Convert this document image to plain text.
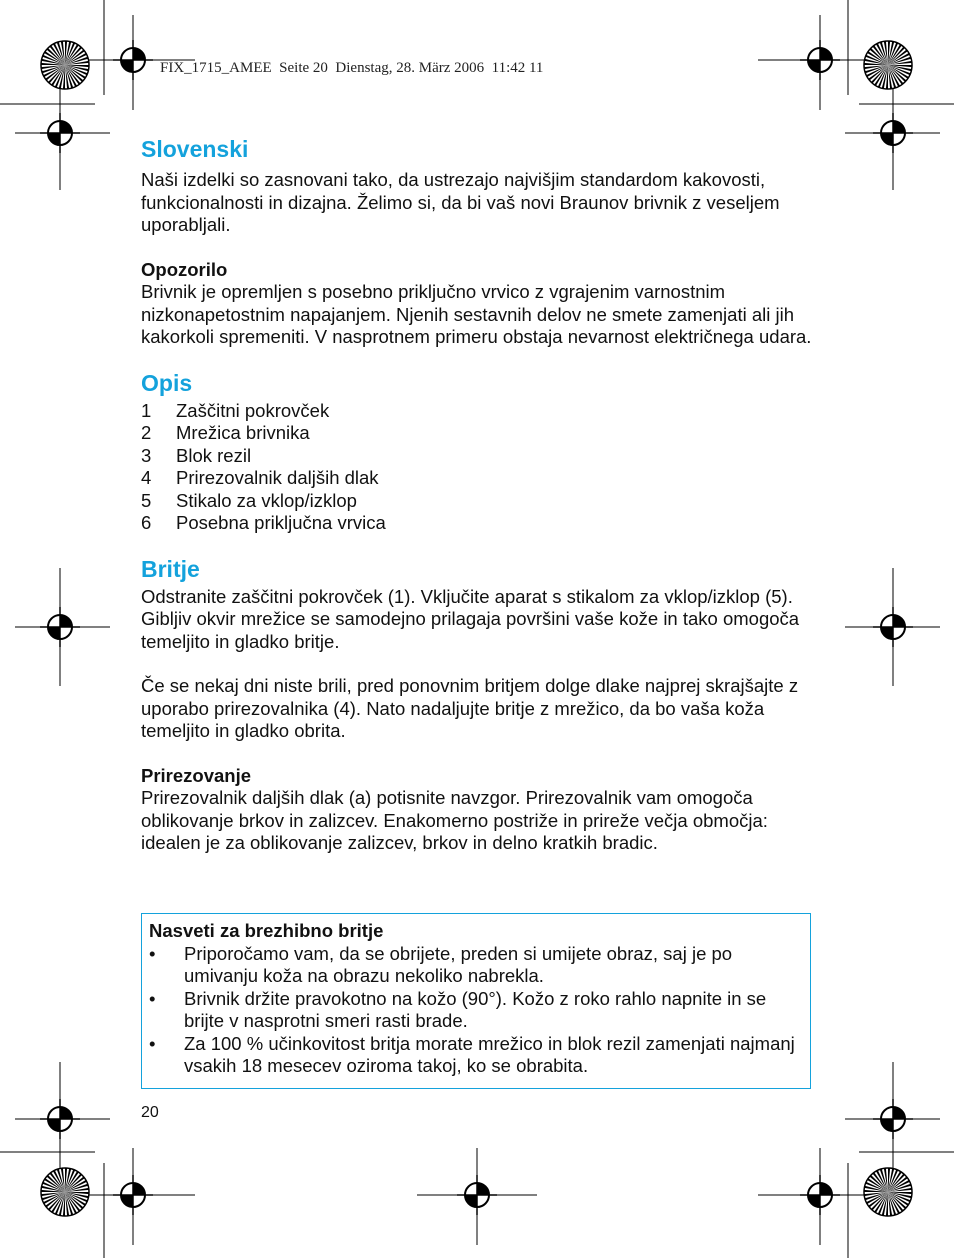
FIX_1715_AMEE  Seite 20  Dienstag, 28. März 2006  11:42 11
Slovenski

Naši izdelki so zasnovani tako, da ustrezajo najvišjim standardom kakovosti, funkcionalnosti in dizajna. Želimo si, da bi vaš novi Braunov brivnik z veseljem uporabljali.

Opozorilo

Brivnik je opremljen s posebno priključno vrvico z vgrajenim varnostnim nizkonapetostnim napajanjem. Njenih sestavnih delov ne smete zamenjati ali jih kakorkoli spremeniti. V nasprotnem primeru obstaja nevarnost električnega udara.

Opis
1	Zaščitni pokrovček
2	Mrežica brivnika
3	Blok rezil
4	Prirezovalnik daljših dlak
5	Stikalo za vklop/izklop
6	Posebna priključna vrvica
Britje

Odstranite zaščitni pokrovček (1). Vključite aparat s stikalom za vklop/izklop (5). Gibljiv okvir mrežice se samodejno prilagaja površini vaše kože in tako omogoča temeljito in gladko britje.

Če se nekaj dni niste brili, pred ponovnim britjem dolge dlake najprej skrajšajte z uporabo prirezovalnika (4). Nato nadaljujte britje z mrežico, da bo vaša koža temeljito in gladko obrita.

Prirezovanje

Prirezovalnik daljših dlak (a) potisnite navzgor. Prirezovalnik vam omogoča oblikovanje brkov in zalizcev. Enakomerno postriže in prireže večja območja: idealen je za oblikovanje zalizcev, brkov in delno kratkih bradic.

Nasveti za brezhibno britje

•	Priporočamo vam, da se obrijete, preden si umijete obraz, saj je po umivanju koža na obrazu nekoliko nabrekla.
•	Brivnik držite pravokotno na kožo (90°). Kožo z roko rahlo napnite in se brijte v nasprotni smeri rasti brade.
•	Za 100 % učinkovitost britja morate mrežico in blok rezil zamenjati najmanj vsakih 18 mesecev oziroma takoj, ko se obrabita.
20
